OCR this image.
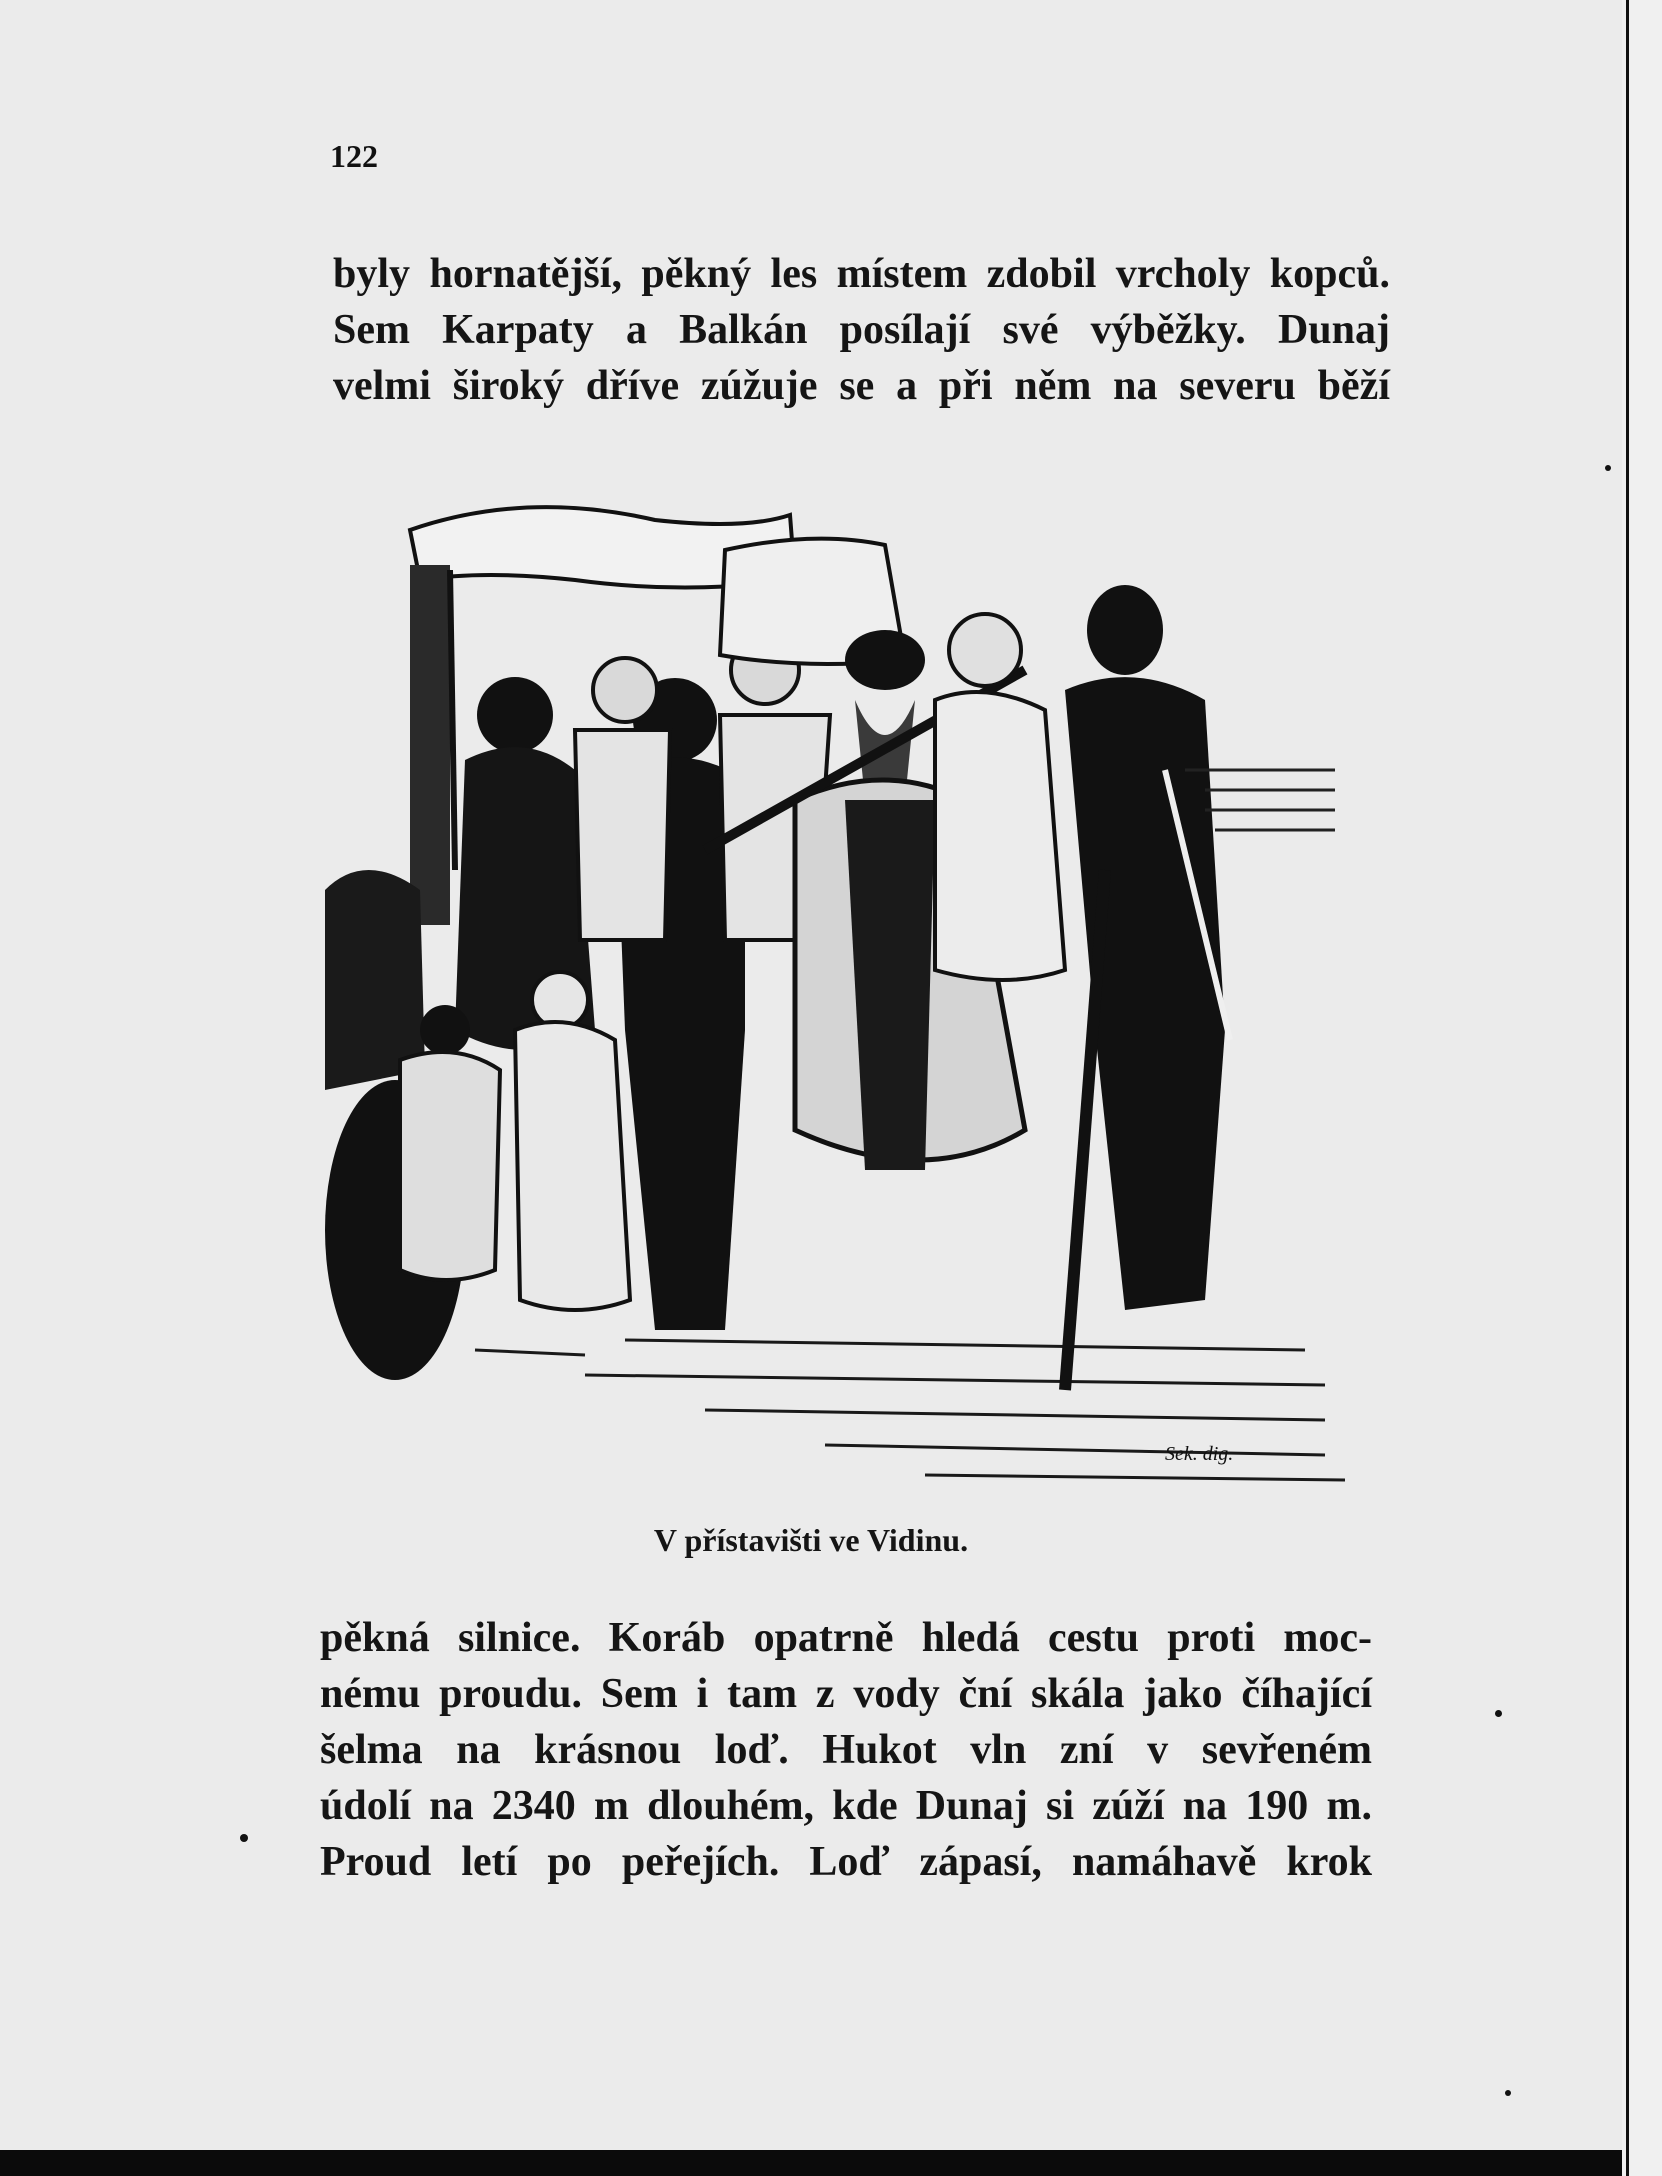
122
byly hornatější, pěkný les místem zdobil vrcholy kopců.
Sem Karpaty a Balkán posílají své výběžky. Dunaj
velmi široký dříve zúžuje se a při něm na severu běží
Sek. dig.
V přístavišti ve Vidinu.
pěkná silnice. Koráb opatrně hledá cestu proti moc-
nému proudu. Sem i tam z vody ční skála jako číhající
šelma na krásnou loď. Hukot vln zní v sevřeném
údolí na 2340 m dlouhém, kde Dunaj si zúží na 190 m.
Proud letí po peřejích. Loď zápasí, namáhavě krok
